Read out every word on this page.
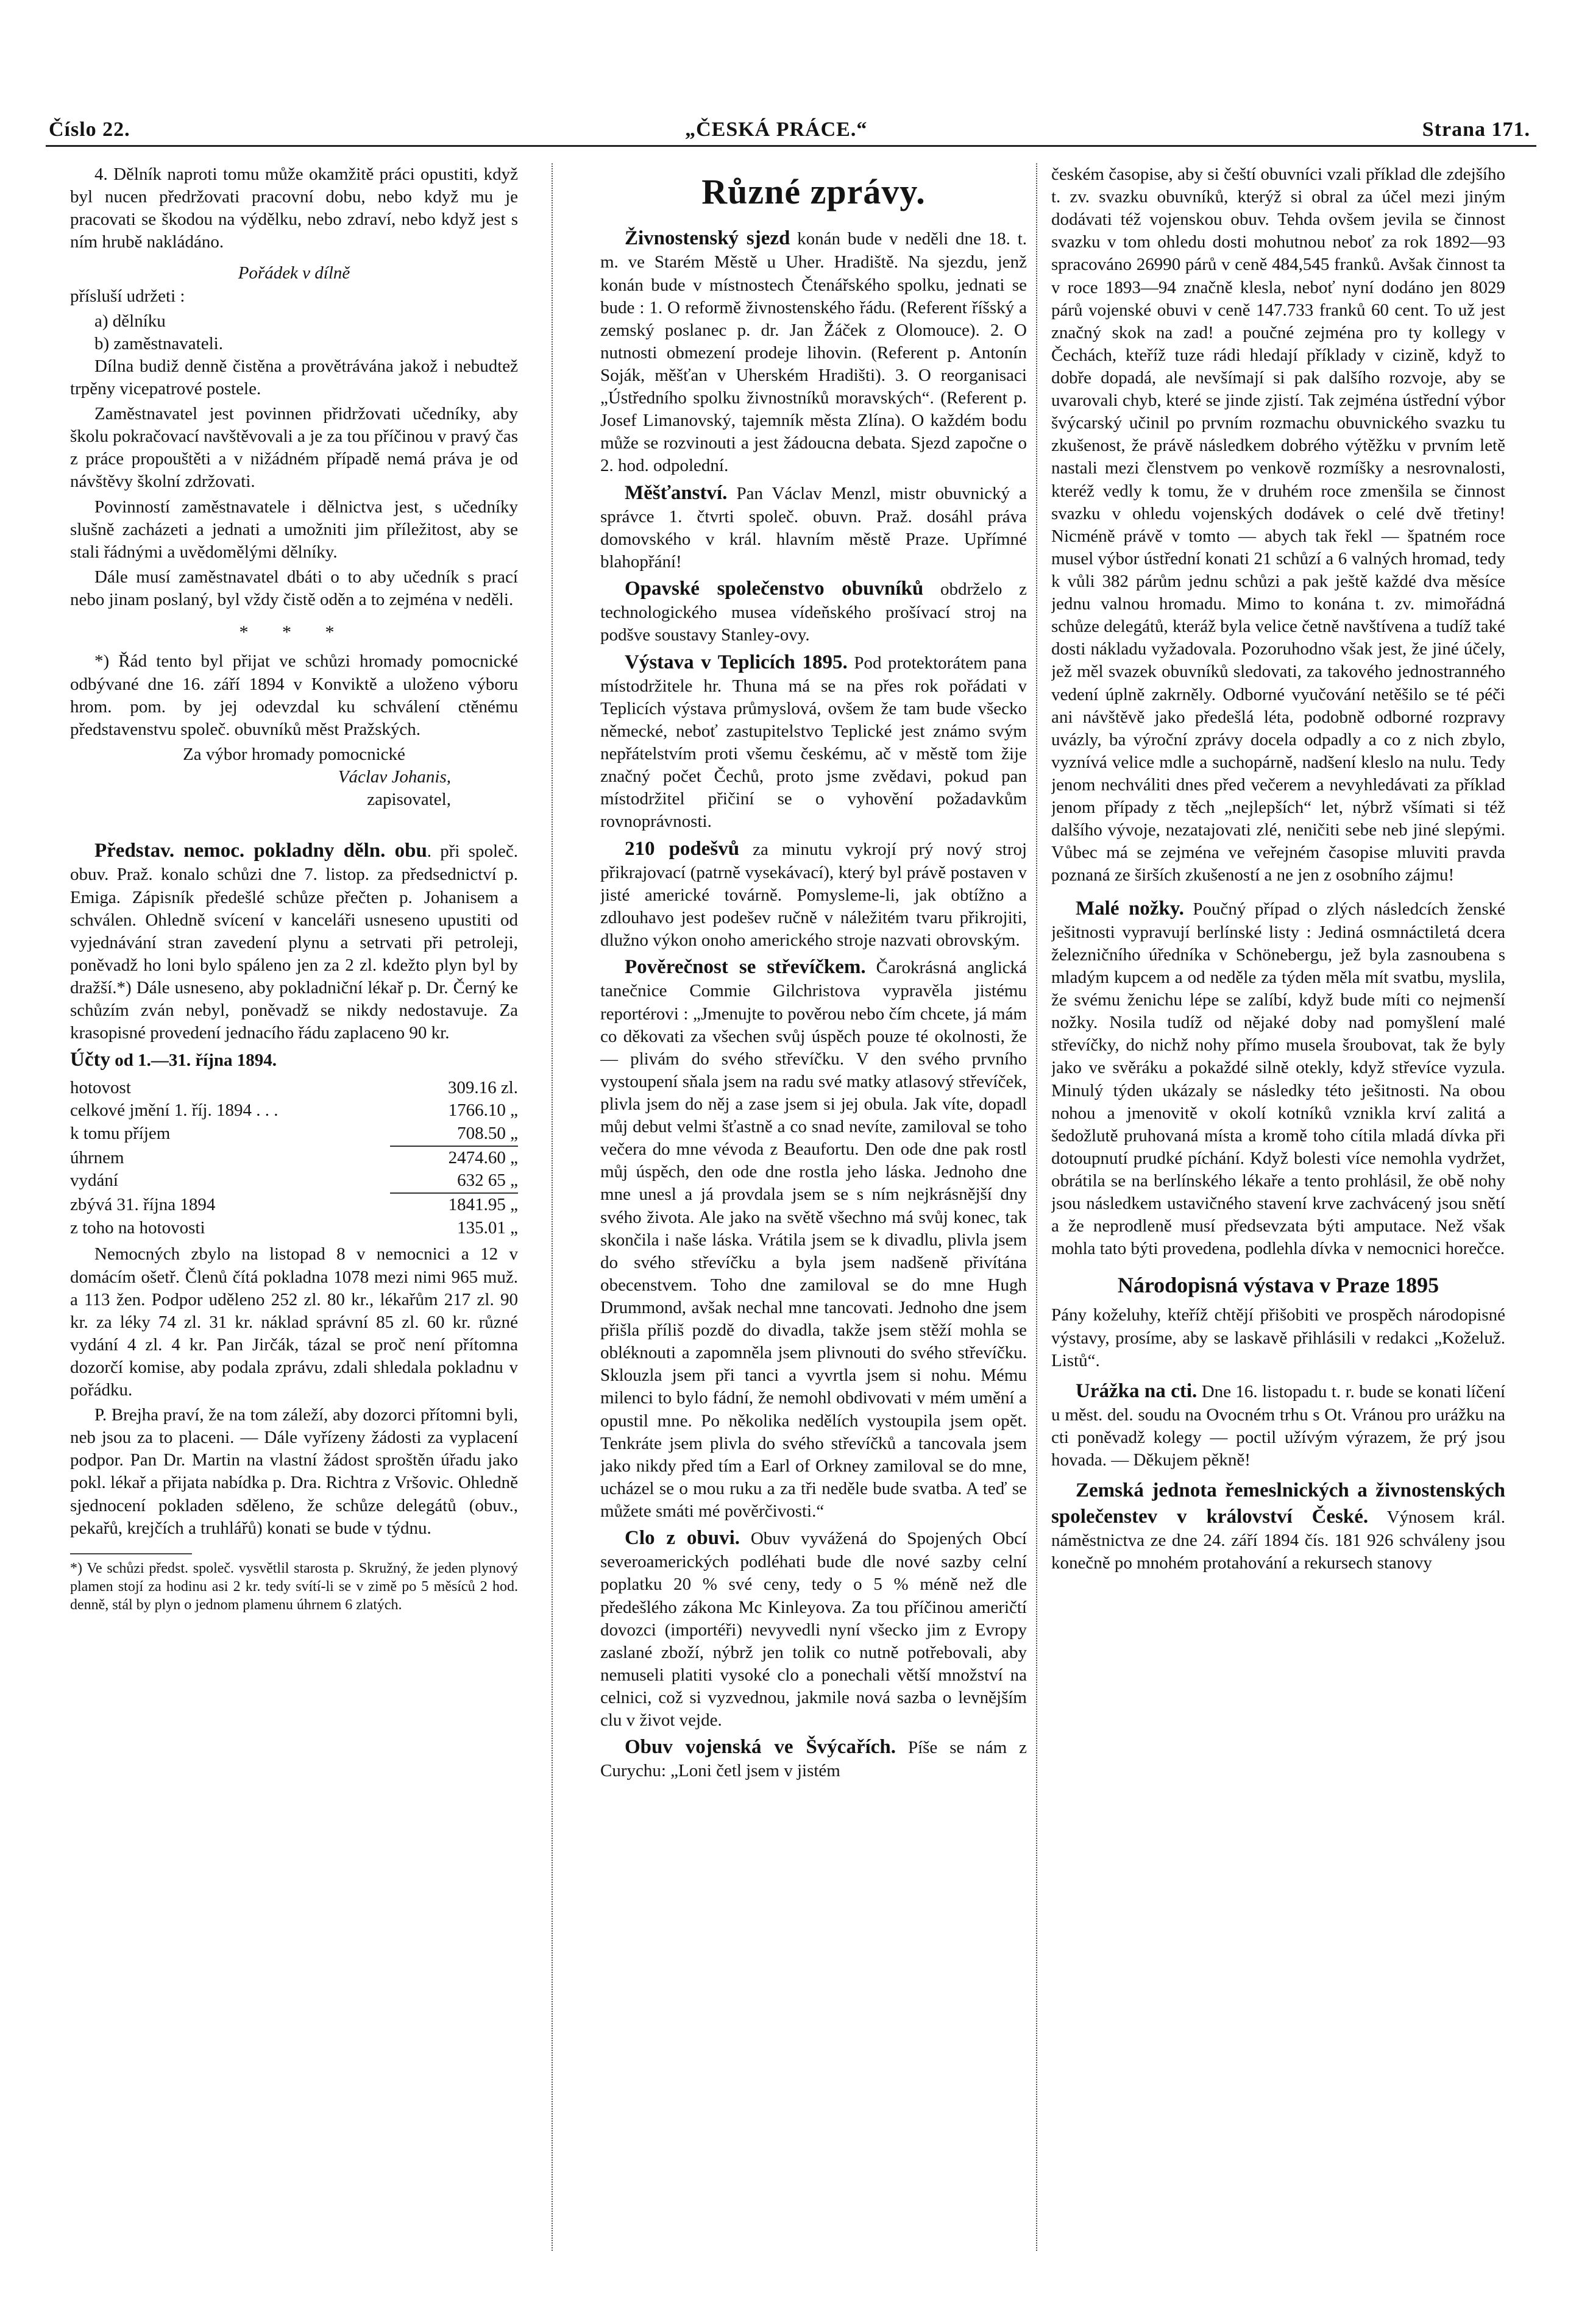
Číslo 22.	„ČESKÁ PRÁCE.“	Strana 171.

4. Dělník naproti tomu může okamžitě práci opustiti, když byl nucen předržovati pracovní dobu, nebo když mu je pracovati se škodou na výdělku, nebo zdraví, nebo když jest s ním hrubě nakládáno.

Pořádek v dílně

přísluší udržeti :

a) dělníku
b) zaměstnavateli.

Dílna budiž denně čistěna a provětrávána jakož i nebudtež trpěny vicepatrové postele.

Zaměstnavatel jest povinnen přidržovati učedníky, aby školu pokračovací navštěvovali a je za tou příčinou v pravý čas z práce propouštěti a v nižádném případě nemá práva je od návštěvy školní zdržovati.

Povinností zaměstnavatele i dělnictva jest, s učedníky slušně zacházeti a jednati a umožniti jim příležitost, aby se stali řádnými a uvědomělými dělníky.

Dále musí zaměstnavatel dbáti o to aby učedník s prací nebo jinam poslaný, byl vždy čistě oděn a to zejména v neděli.

* * *

*) Řád tento byl přijat ve schůzi hromady pomocnické odbývané dne 16. září 1894 v Konviktě a uloženo výboru hrom. pom. by jej odevzdal ku schválení ctěnému představenstvu společ. obuvníků měst Pražských.

Za výbor hromady pomocnické
Václav Johanis,
zapisovatel,

Představ. nemoc. pokladny děln. obu. při společ. obuv. Praž. konalo schůzi dne 7. listop. za předsednictví p. Emiga. Zápisník předešlé schůze přečten p. Johanisem a schválen. Ohledně svícení v kanceláři usneseno upustiti od vyjednávání stran zavedení plynu a setrvati při petroleji, poněvadž ho loni bylo spáleno jen za 2 zl. kdežto plyn byl by dražší.*) Dále usneseno, aby pokladniční lékař p. Dr. Černý ke schůzím zván nebyl, poněvadž se nikdy nedostavuje. Za krasopisné provedení jednacího řádu zaplaceno 90 kr.

Účty od 1.—31. října 1894.

hotovost	309.16 zl.
celkové jmění 1. říj. 1894 . . .	1766.10 „
k tomu příjem	708.50 „
úhrnem	2474.60 „
vydání	632 65 „
zbývá 31. října 1894	1841.95 „
z toho na hotovosti	135.01 „

Nemocných zbylo na listopad 8 v nemocnici a 12 v domácím ošetř. Členů čítá pokladna 1078 mezi nimi 965 muž. a 113 žen. Podpor uděleno 252 zl. 80 kr., lékařům 217 zl. 90 kr. za léky 74 zl. 31 kr. náklad správní 85 zl. 60 kr. různé vydání 4 zl. 4 kr. Pan Jirčák, tázal se proč není přítomna dozorčí komise, aby podala zprávu, zdali shledala pokladnu v pořádku.

P. Brejha praví, že na tom záleží, aby dozorci přítomni byli, neb jsou za to placeni. — Dále vyřízeny žádosti za vyplacení podpor. Pan Dr. Martin na vlastní žádost sproštěn úřadu jako pokl. lékař a přijata nabídka p. Dra. Richtra z Vršovic. Ohledně sjednocení pokladen sděleno, že schůze delegátů (obuv., pekařů, krejčích a truhlářů) konati se bude v týdnu.

*) Ve schůzi předst. společ. vysvětlil starosta p. Skružný, že jeden plynový plamen stojí za hodinu asi 2 kr. tedy svítí-li se v zimě po 5 měsíců 2 hod. denně, stál by plyn o jednom plamenu úhrnem 6 zlatých.
Různé zprávy.

Živnostenský sjezd konán bude v neděli dne 18. t. m. ve Starém Městě u Uher. Hradiště. Na sjezdu, jenž konán bude v místnostech Čtenářského spolku, jednati se bude : 1. O reformě živnostenského řádu. (Referent říšský a zemský poslanec p. dr. Jan Žáček z Olomouce). 2. O nutnosti obmezení prodeje lihovin. (Referent p. Antonín Soják, měšťan v Uherském Hradišti). 3. O reorganisaci „Ústředního spolku živnostníků moravských“. (Referent p. Josef Limanovský, tajemník města Zlína). O každém bodu může se rozvinouti a jest žádoucna debata. Sjezd započne o 2. hod. odpolední.

Měšťanství. Pan Václav Menzl, mistr obuvnický a správce 1. čtvrti společ. obuvn. Praž. dosáhl práva domovského v král. hlavním městě Praze. Upřímné blahopřání!

Opavské společenstvo obuvníků obdrželo z technologického musea vídeňského prošívací stroj na podšve soustavy Stanley-ovy.

Výstava v Teplicích 1895. Pod protektorátem pana místodržitele hr. Thuna má se na přes rok pořádati v Teplicích výstava průmyslová, ovšem že tam bude všecko německé, neboť zastupitelstvo Teplické jest známo svým nepřátelstvím proti všemu českému, ač v městě tom žije značný počet Čechů, proto jsme zvědavi, pokud pan místodržitel přičiní se o vyhovění požadavkům rovnoprávnosti.

210 podešvů za minutu vykrojí prý nový stroj přikrajovací (patrně vysekávací), který byl právě postaven v jisté americké továrně. Pomysleme-li, jak obtížno a zdlouhavo jest podešev ručně v náležitém tvaru přikrojiti, dlužno výkon onoho amerického stroje nazvati obrovským.

Pověrečnost se střevíčkem. Čarokrásná anglická tanečnice Commie Gilchristova vypravěla jistému reportérovi : „Jmenujte to pověrou nebo čím chcete, já mám co děkovati za všechen svůj úspěch pouze té okolnosti, že — plivám do svého střevíčku. V den svého prvního vystoupení sňala jsem na radu své matky atlasový střevíček, plivla jsem do něj a zase jsem si jej obula. Jak víte, dopadl můj debut velmi šťastně a co snad nevíte, zamiloval se toho večera do mne vévoda z Beaufortu. Den ode dne pak rostl můj úspěch, den ode dne rostla jeho láska. Jednoho dne mne unesl a já provdala jsem se s ním nejkrásnější dny svého života. Ale jako na světě všechno má svůj konec, tak skončila i naše láska. Vrátila jsem se k divadlu, plivla jsem do svého střevíčku a byla jsem nadšeně přivítána obecenstvem. Toho dne zamiloval se do mne Hugh Drummond, avšak nechal mne tancovati. Jednoho dne jsem přišla příliš pozdě do divadla, takže jsem stěží mohla se obléknouti a zapomněla jsem plivnouti do svého střevíčku. Sklouzla jsem při tanci a vyvrtla jsem si nohu. Mému milenci to bylo fádní, že nemohl obdivovati v mém umění a opustil mne. Po několika nedělích vystoupila jsem opět. Tenkráte jsem plivla do svého střevíčků a tancovala jsem jako nikdy před tím a Earl of Orkney zamiloval se do mne, ucházel se o mou ruku a za tři neděle bude svatba. A teď se můžete smáti mé pověrčivosti.“

Clo z obuvi. Obuv vyvážená do Spojených Obcí severoamerických podléhati bude dle nové sazby celní poplatku 20 % své ceny, tedy o 5 % méně než dle předešlého zákona Mc Kinleyova. Za tou příčinou američtí dovozci (importéři) nevyvedli nyní všecko jim z Evropy zaslané zboží, nýbrž jen tolik co nutně potřebovali, aby nemuseli platiti vysoké clo a ponechali větší množství na celnici, což si vyzvednou, jakmile nová sazba o levnějším clu v život vejde.

Obuv vojenská ve Švýcařích. Píše se nám z Curychu: „Loni četl jsem v jistém

českém časopise, aby si čeští obuvníci vzali příklad dle zdejšího t. zv. svazku obuvníků, kterýž si obral za účel mezi jiným dodávati též vojenskou obuv. Tehda ovšem jevila se činnost svazku v tom ohledu dosti mohutnou neboť za rok 1892—93 spracováno 26990 párů v ceně 484,545 franků. Avšak činnost ta v roce 1893—94 značně klesla, neboť nyní dodáno jen 8029 párů vojenské obuvi v ceně 147.733 franků 60 cent. To už jest značný skok na zad! a poučné zejména pro ty kollegy v Čechách, kteříž tuze rádi hledají příklady v cizině, když to dobře dopadá, ale nevšímají si pak dalšího rozvoje, aby se uvarovali chyb, které se jinde zjistí. Tak zejména ústřední výbor švýcarský učinil po prvním rozmachu obuvnického svazku tu zkušenost, že právě následkem dobrého výtěžku v prvním letě nastali mezi členstvem po venkově rozmíšky a nesrovnalosti, kteréž vedly k tomu, že v druhém roce zmenšila se činnost svazku v ohledu vojenských dodávek o celé dvě třetiny! Nicméně právě v tomto — abych tak řekl — špatném roce musel výbor ústřední konati 21 schůzí a 6 valných hromad, tedy k vůli 382 párům jednu schůzi a pak ještě každé dva měsíce jednu valnou hromadu. Mimo to konána t. zv. mimořádná schůze delegátů, kteráž byla velice četně navštívena a tudíž také dosti nákladu vyžadovala. Pozoruhodno však jest, že jiné účely, jež měl svazek obuvníků sledovati, za takového jednostranného vedení úplně zakrněly. Odborné vyučování netěšilo se té péči ani návštěvě jako předešlá léta, podobně odborné rozpravy uvázly, ba výroční zprávy docela odpadly a co z nich zbylo, vyznívá velice mdle a suchopárně, nadšení kleslo na nulu. Tedy jenom nechváliti dnes před večerem a nevyhledávati za příklad jenom případy z těch „nejlepších“ let, nýbrž všímati si též dalšího vývoje, nezatajovati zlé, neničiti sebe neb jiné slepými. Vůbec má se zejména ve veřejném časopise mluviti pravda poznaná ze širších zkušeností a ne jen z osobního zájmu!

Malé nožky. Poučný případ o zlých následcích ženské ješitnosti vypravují berlínské listy : Jediná osmnáctiletá dcera železničního úředníka v Schönebergu, jež byla zasnoubena s mladým kupcem a od neděle za týden měla mít svatbu, myslila, že svému ženichu lépe se zalíbí, když bude míti co nejmenší nožky. Nosila tudíž od nějaké doby nad pomyšlení malé střevíčky, do nichž nohy přímo musela šroubovat, tak že byly jako ve svěráku a pokaždé silně otekly, když střevíce vyzula. Minulý týden ukázaly se následky této ješitnosti. Na obou nohou a jmenovitě v okolí kotníků vznikla krví zalitá a šedožlutě pruhovaná místa a kromě toho cítila mladá dívka při dotoupnutí prudké píchání. Když bolesti více nemohla vydržet, obrátila se na berlínského lékaře a tento prohlásil, že obě nohy jsou následkem ustavičného stavení krve zachvácený jsou snětí a že neprodleně musí předsevzata býti amputace. Než však mohla tato býti provedena, podlehla dívka v nemocnici horečce.

Národopisná výstava v Praze 1895

Pány koželuhy, kteříž chtějí přišobiti ve prospěch národopisné výstavy, prosíme, aby se laskavě přihlásili v redakci „Koželuž. Listů“.

Urážka na cti. Dne 16. listopadu t. r. bude se konati líčení u měst. del. soudu na Ovocném trhu s Ot. Vránou pro urážku na cti poněvadž kolegy — poctil užívým výrazem, že prý jsou hovada. — Děkujem pěkně!

Zemská jednota řemeslnických a živnostenských společenstev v království České. Výnosem král. náměstnictva ze dne 24. září 1894 čís. 181 926 schváleny jsou konečně po mnohém protahování a rekursech stanovy
